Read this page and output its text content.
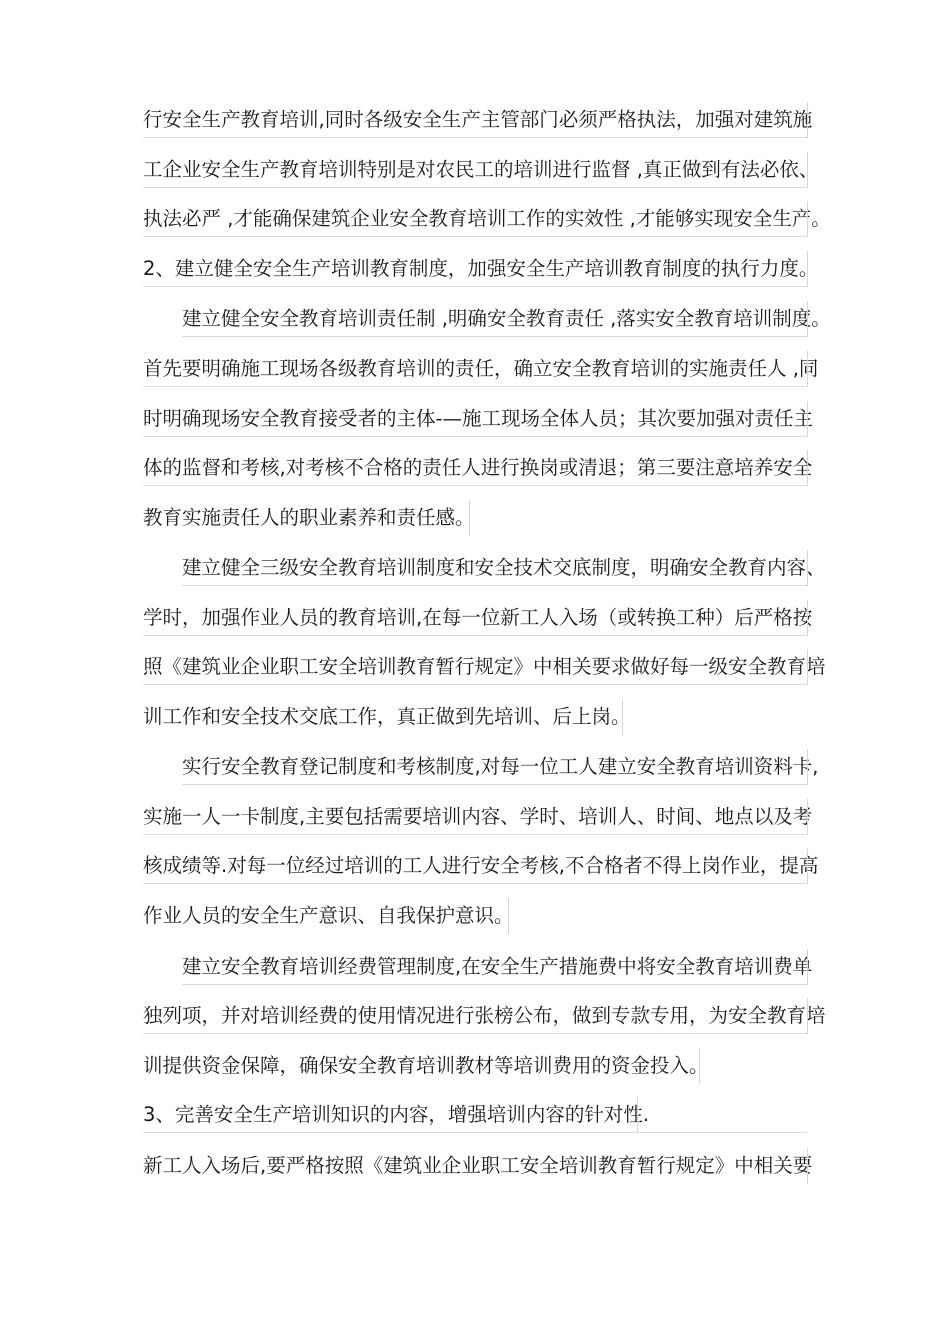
行安全生产教育培训,同时各级安全生产主管部门必须严格执法，加强对建筑施
工企业安全生产教育培训特别是对农民工的培训进行监督 ,真正做到有法必依、
执法必严 ,才能确保建筑企业安全教育培训工作的实效性 ,才能够实现安全生产。
2、建立健全安全生产培训教育制度，加强安全生产培训教育制度的执行力度。
建立健全安全教育培训责任制 ,明确安全教育责任 ,落实安全教育培训制度。
首先要明确施工现场各级教育培训的责任，确立安全教育培训的实施责任人 ,同
时明确现场安全教育接受者的主体-—施工现场全体人员；其次要加强对责任主
体的监督和考核,对考核不合格的责任人进行换岗或清退；第三要注意培养安全
教育实施责任人的职业素养和责任感。
建立健全三级安全教育培训制度和安全技术交底制度，明确安全教育内容、
学时，加强作业人员的教育培训,在每一位新工人入场（或转换工种）后严格按
照《建筑业企业职工安全培训教育暂行规定》中相关要求做好每一级安全教育培
训工作和安全技术交底工作，真正做到先培训、后上岗。
实行安全教育登记制度和考核制度,对每一位工人建立安全教育培训资料卡,
实施一人一卡制度,主要包括需要培训内容、学时、培训人、时间、地点以及考
核成绩等.对每一位经过培训的工人进行安全考核,不合格者不得上岗作业，提高
作业人员的安全生产意识、自我保护意识。
建立安全教育培训经费管理制度,在安全生产措施费中将安全教育培训费单
独列项，并对培训经费的使用情况进行张榜公布，做到专款专用，为安全教育培
训提供资金保障，确保安全教育培训教材等培训费用的资金投入。
3、完善安全生产培训知识的内容，增强培训内容的针对性.
新工人入场后,要严格按照《建筑业企业职工安全培训教育暂行规定》中相关要
